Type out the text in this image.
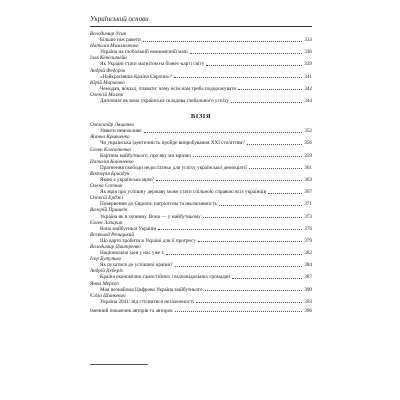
Український основи
Володимир Усик
Більше ніж ракети	333
Наталія Михальченко
Україна на глобальній економічній мапі	336
Ілля Кенігштейн
Як Україні стати магнітом на бізнес-карті світу	339
Андрій Федоров
«Найкрасивша Країна Європи»?	341
Юрій Марченко
Чемодан, вокзал, плавати: чому всім нам треба подорожувати	342
Олексій Малюк
Дипломат як вона українська складова глобального успіху	344
ВІЗІЯ
Олександр Ляшенко
Уявити неможливе	352
Жанна Кривченко
Чи українська ідентичність пройде випробування XXI століттям?	356
Євген Клопотенко
Картина майбутнього, про яку ми мріємо	359
Наталія Кононенко
Прагнення свободи недостатньо для успіху української демократії	361
Вікторія Бриадун
Якою є українська мрія?	363
Олена Сотник
Як мрія про успішну державу може стати спільною справою всіх українців	367
Олексій Ерджі
Повернення до Європи: патріотизм та інклюзивність	371
Валерій Пришвіч
Україна як я хочемну. Вона — у майбутньому	373
Євген Лазарик
Вона майбутньої України	376
Всеволод Речицький
Що варто зробити в Україні для її прогресу	379
Володимир Дмитренко
Національна ідея у нас уже є	382
Ігор Бутунько
Як рухатися до успішної країни?	384
Андрій Деберіх
Країна економічно самостійних і відповідальних громадян	387
Янна Мерzon
Моя незнайома Цифрова Україна майбутнього	390
Єліза Шинкевич
Україна 2041: від стіснитися незалежності	393
Іменний покажчик авторів та авторок	396
